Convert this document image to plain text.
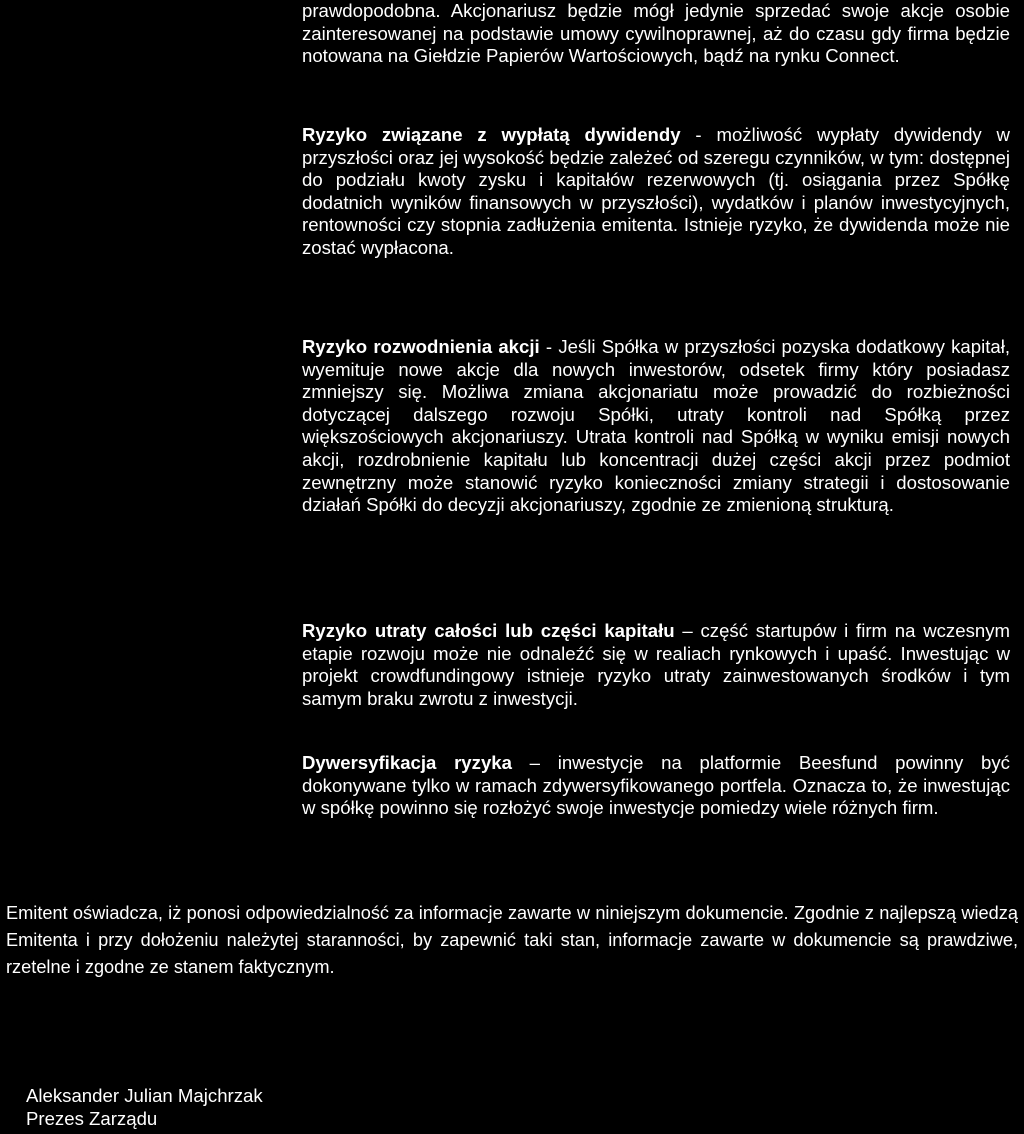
prawdopodobna. Akcjonariusz będzie mógł jedynie sprzedać swoje akcje osobie zainteresowanej na podstawie umowy cywilnoprawnej, aż do czasu gdy firma będzie notowana na Giełdzie Papierów Wartościowych, bądź na rynku Connect.

Ryzyko związane z wypłatą dywidendy - możliwość wypłaty dywidendy w przyszłości oraz jej wysokość będzie zależeć od szeregu czynników, w tym: dostępnej do podziału kwoty zysku i kapitałów rezerwowych (tj. osiągania przez Spółkę dodatnich wyników finansowych w przyszłości), wydatków i planów inwestycyjnych, rentowności czy stopnia zadłużenia emitenta. Istnieje ryzyko, że dywidenda może nie zostać wypłacona.

Ryzyko rozwodnienia akcji - Jeśli Spółka w przyszłości pozyska dodatkowy kapitał, wyemituje nowe akcje dla nowych inwestorów, odsetek firmy który posiadasz zmniejszy się. Możliwa zmiana akcjonariatu może prowadzić do rozbieżności dotyczącej dalszego rozwoju Spółki, utraty kontroli nad Spółką przez większościowych akcjonariuszy. Utrata kontroli nad Spółką w wyniku emisji nowych akcji, rozdrobnienie kapitału lub koncentracji dużej części akcji przez podmiot zewnętrzny może stanowić ryzyko konieczności zmiany strategii i dostosowanie działań Spółki do decyzji akcjonariuszy, zgodnie ze zmienioną strukturą.

Ryzyko utraty całości lub części kapitału – część startupów i firm na wczesnym etapie rozwoju może nie odnaleźć się w realiach rynkowych i upaść. Inwestując w projekt crowdfundingowy istnieje ryzyko utraty zainwestowanych środków i tym samym braku zwrotu z inwestycji.

Dywersyfikacja ryzyka – inwestycje na platformie Beesfund powinny być dokonywane tylko w ramach zdywersyfikowanego portfela. Oznacza to, że inwestując w spółkę powinno się rozłożyć swoje inwestycje pomiedzy wiele różnych firm.

Emitent oświadcza, iż ponosi odpowiedzialność za informacje zawarte w niniejszym dokumencie. Zgodnie z najlepszą wiedzą Emitenta i przy dołożeniu należytej staranności, by zapewnić taki stan, informacje zawarte w dokumencie są prawdziwe, rzetelne i zgodne ze stanem faktycznym.

Aleksander Julian Majchrzak
Prezes Zarządu
